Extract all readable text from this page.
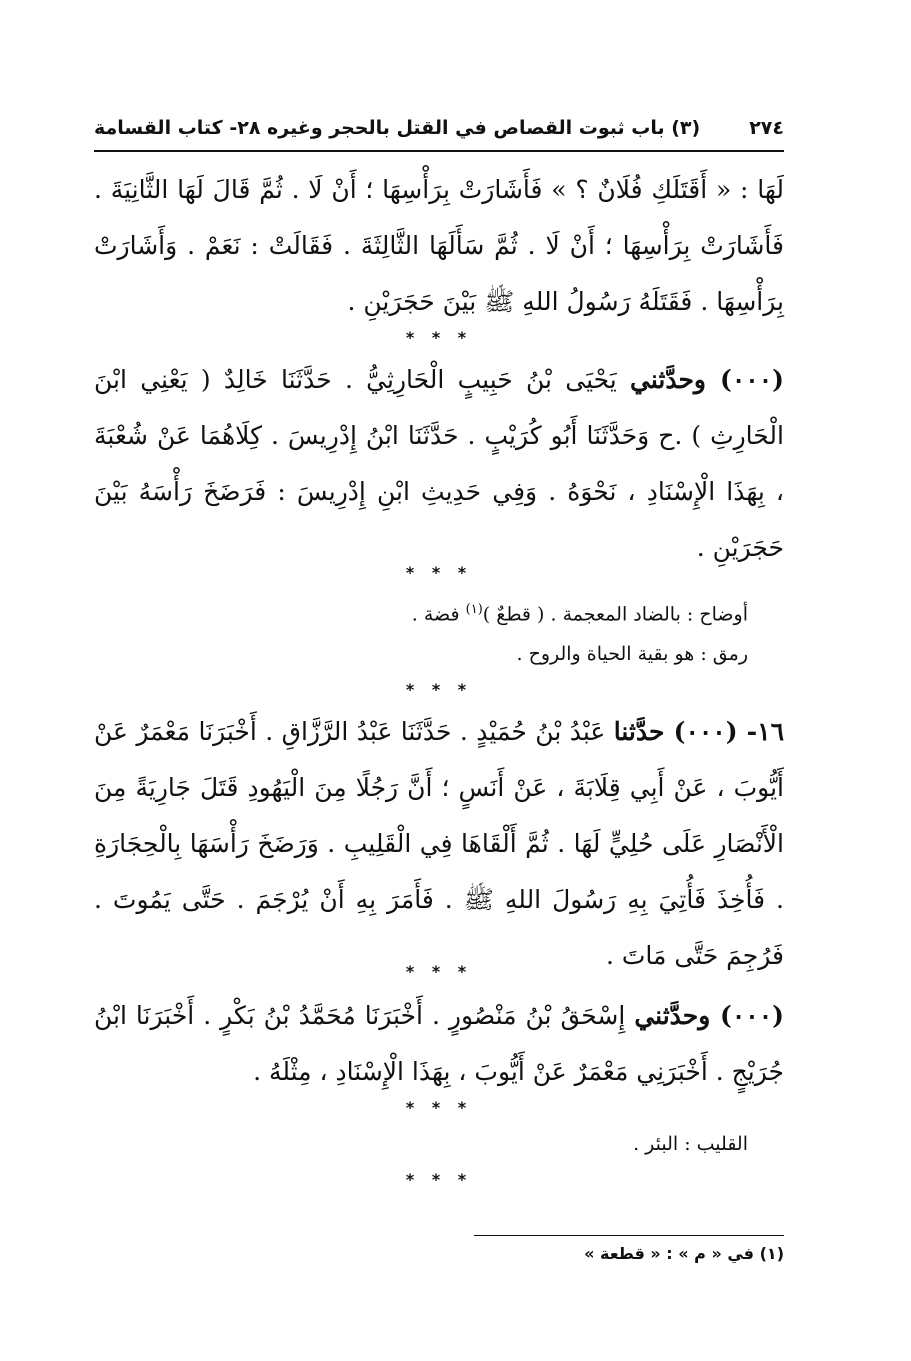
٢٧٤
(٣) باب ثبوت القصاص في القتل بالحجر وغيره ٢٨- كتاب القسامة

لَهَا : « أَقَتَلَكِ فُلَانٌ ؟ » فَأَشَارَتْ بِرَأْسِهَا ؛ أَنْ لَا . ثُمَّ قَالَ لَهَا الثَّانِيَةَ . فَأَشَارَتْ بِرَأْسِهَا ؛ أَنْ لَا . ثُمَّ سَأَلَهَا الثَّالِثَةَ . فَقَالَتْ : نَعَمْ . وَأَشَارَتْ بِرَأْسِهَا . فَقَتَلَهُ رَسُولُ اللهِ ﷺ بَيْنَ حَجَرَيْنِ .

* * *

(٠٠٠) وحدَّثني يَحْيَى بْنُ حَبِيبٍ الْحَارِثِيُّ . حَدَّثَنَا خَالِدٌ ( يَعْنِي ابْنَ الْحَارِثِ ) .ح وَحَدَّثَنَا أَبُو كُرَيْبٍ . حَدَّثَنَا ابْنُ إِدْرِيسَ . كِلَاهُمَا عَنْ شُعْبَةَ ، بِهَذَا الْإِسْنَادِ ، نَحْوَهُ . وَفِي حَدِيثِ ابْنِ إِدْرِيسَ : فَرَضَخَ رَأْسَهُ بَيْنَ حَجَرَيْنِ .

* * *

أوضاح : بالضاد المعجمة . ( قطعٌ )$^{(١)}$ فضة .

رمق : هو بقية الحياة والروح .

* * *

١٦- (٠٠٠) حدَّثنا عَبْدُ بْنُ حُمَيْدٍ . حَدَّثَنَا عَبْدُ الرَّزَّاقِ . أَخْبَرَنَا مَعْمَرٌ عَنْ أَيُّوبَ ، عَنْ أَبِي قِلَابَةَ ، عَنْ أَنَسٍ ؛ أَنَّ رَجُلًا مِنَ الْيَهُودِ قَتَلَ جَارِيَةً مِنَ الْأَنْصَارِ عَلَى حُلِيٍّ لَهَا . ثُمَّ أَلْقَاهَا فِي الْقَلِيبِ . وَرَضَخَ رَأْسَهَا بِالْحِجَارَةِ . فَأُخِذَ فَأُتِيَ بِهِ رَسُولَ اللهِ ﷺ . فَأَمَرَ بِهِ أَنْ يُرْجَمَ . حَتَّى يَمُوتَ . فَرُجِمَ حَتَّى مَاتَ .

* * *

(٠٠٠) وحدَّثني إِسْحَقُ بْنُ مَنْصُورٍ . أَخْبَرَنَا مُحَمَّدُ بْنُ بَكْرٍ . أَخْبَرَنَا ابْنُ جُرَيْجٍ . أَخْبَرَنِي مَعْمَرٌ عَنْ أَيُّوبَ ، بِهَذَا الْإِسْنَادِ ، مِثْلَهُ .

* * *

القليب : البئر .

* * *
(١) في « م » : « قطعة »
